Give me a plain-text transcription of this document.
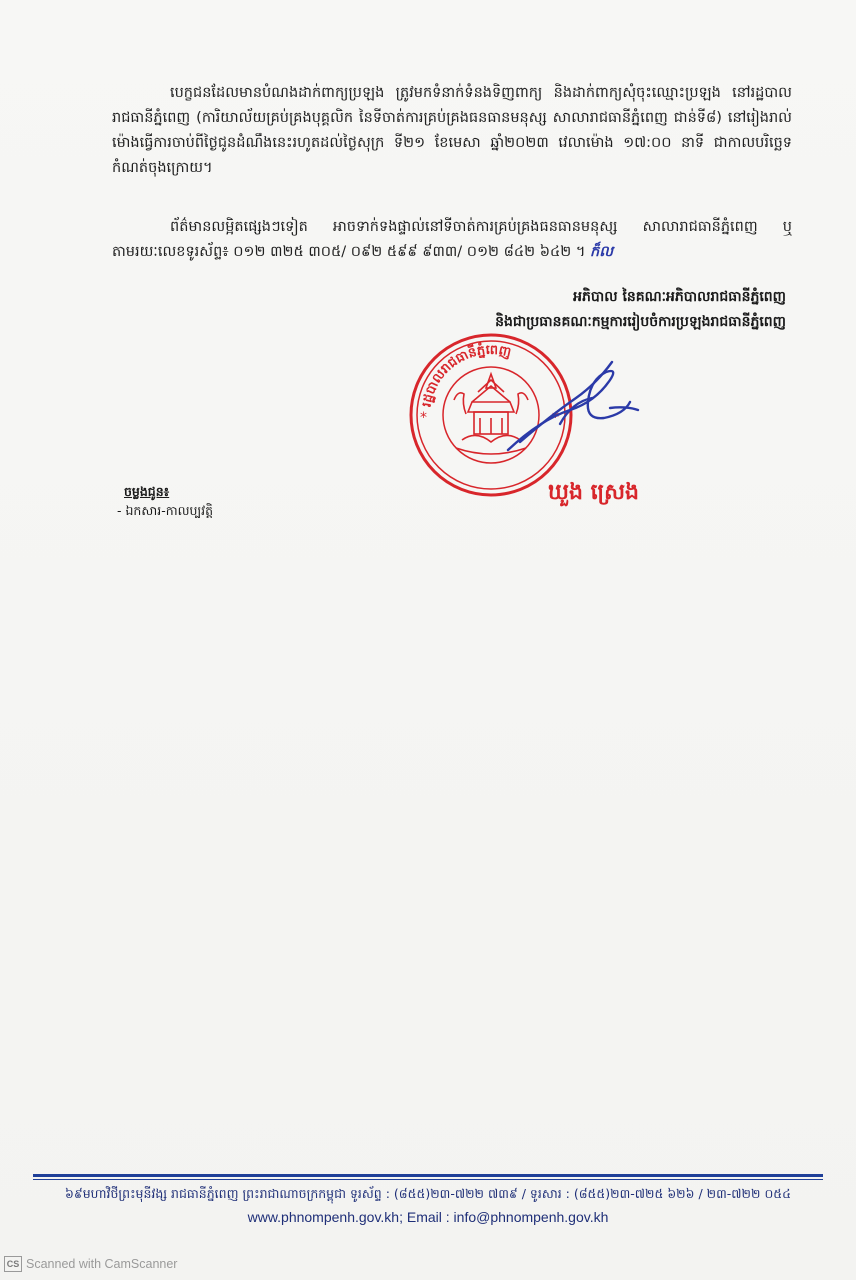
បេក្ខជនដែលមានបំណងដាក់ពាក្យប្រឡង ត្រូវមកទំនាក់ទំនងទិញពាក្យ និងដាក់ពាក្យសុំចុះឈ្មោះប្រឡង នៅរដ្ឋបាលរាជធានីភ្នំពេញ (ការិយាល័យគ្រប់គ្រងបុគ្គលិក នៃទីចាត់ការគ្រប់គ្រងធនធានមនុស្ស សាលារាជធានីភ្នំពេញ ជាន់ទី៨) នៅរៀងរាល់ម៉ោងធ្វើការចាប់ពីថ្ងៃជូនដំណឹងនេះរហូតដល់ថ្ងៃសុក្រ ទី២១ ខែមេសា ឆ្នាំ២០២៣ វេលាម៉ោង ១៧:០០ នាទី ជាកាលបរិច្ឆេទកំណត់ចុងក្រោយ។

ព័ត៌មានលម្អិតផ្សេងៗទៀត អាចទាក់ទងផ្ទាល់នៅទីចាត់ការគ្រប់គ្រងធនធានមនុស្ស សាលារាជធានីភ្នំពេញ ឬតាមរយៈលេខទូរស័ព្ទ៖ ០១២ ៣២៥ ៣០៥/ ០៩២ ៥៩៩ ៩៣៣/ ០១២ ៨៤២ ៦៤២ ។ ក៏ល

អភិបាល នៃគណៈអភិបាលរាជធានីភ្នំពេញ
និងជាប្រធានគណៈកម្មការរៀបចំការប្រឡងរាជធានីភ្នំពេញ
រដ្ឋបាលរាជធានីភ្នំពេញ
*	*
ឃួង ស្រេង
ចម្លងជូន៖
- ឯកសារ-កាលប្បវត្តិ
៦៩មហាវិថីព្រះមុនីវង្ស រាជធានីភ្នំពេញ ព្រះរាជាណាចក្រកម្ពុជា ទូរស័ព្ទ : (៨៥៥)២៣-៧២២ ៧៣៩ / ទូរសារ : (៨៥៥)២៣-៧២៥ ៦២៦ / ២៣-៧២២ ០៥៤
www.phnompenh.gov.kh; Email : info@phnompenh.gov.kh
CS Scanned with CamScanner
